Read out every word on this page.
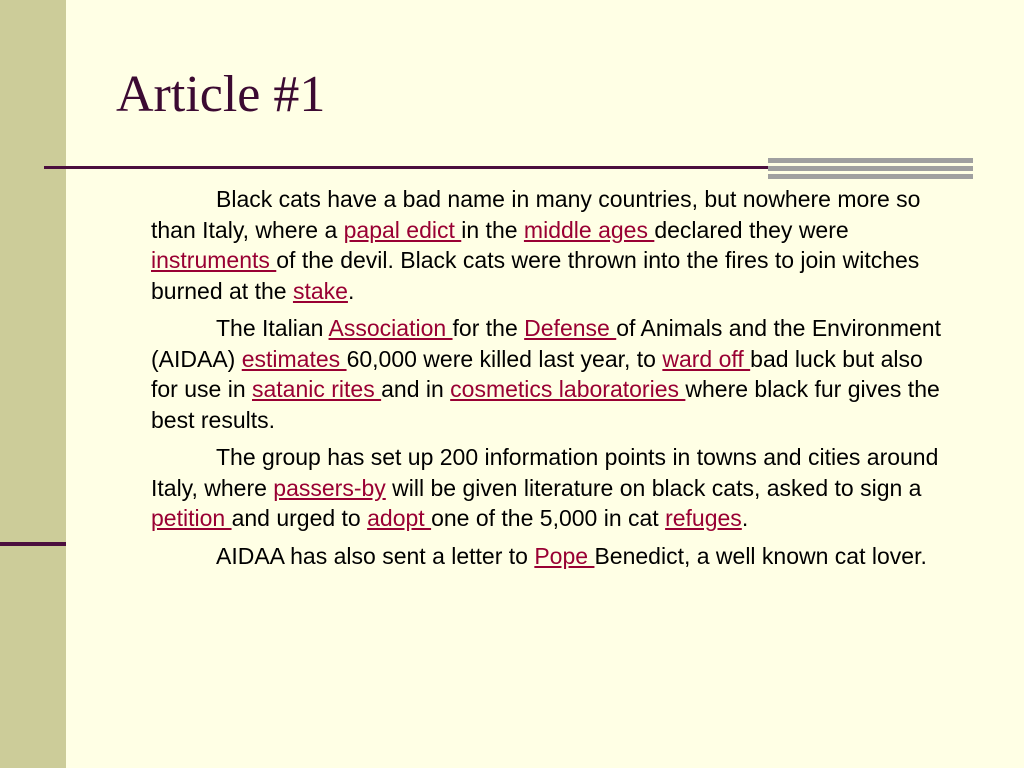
Article #1

Black cats have a bad name in many countries, but nowhere more so than Italy, where a papal edict in the middle ages declared they were instruments of the devil. Black cats were thrown into the fires to join witches burned at the stake.

The Italian Association for the Defense of Animals and the Environment (AIDAA) estimates 60,000 were killed last year, to ward off bad luck but also for use in satanic rites and in cosmetics laboratories where black fur gives the best results.

The group has set up 200 information points in towns and cities around Italy, where passers-by will be given literature on black cats, asked to sign a petition and urged to adopt one of the 5,000 in cat refuges.

AIDAA has also sent a letter to Pope Benedict, a well known cat lover.
